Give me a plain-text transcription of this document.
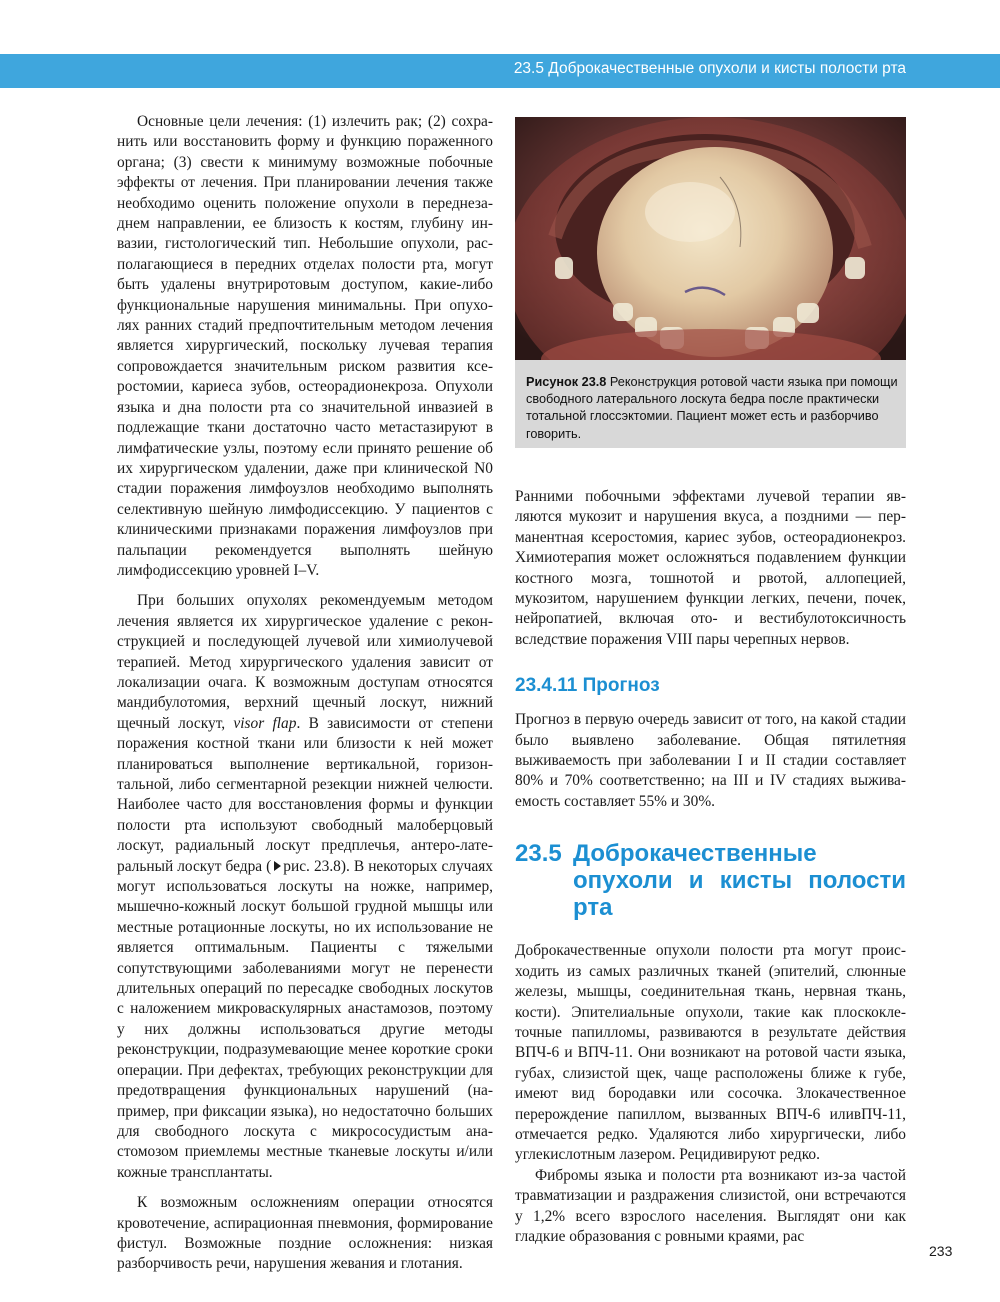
23.5 Доброкачественные опухоли и кисты полости рта

Основные цели лечения: (1) излечить рак; (2) сохранить или восстановить форму и функцию пораженного органа; (3) свести к минимуму возможные побочные эффекты от лечения. При планировании лечения также необходимо оценить положение опухоли в переднезаднем направлении, ее близость к костям, глубину инвазии, гистологический тип. Небольшие опухоли, располагающиеся в передних отделах полости рта, могут быть удалены внутриротовым доступом, какие-либо функциональные нарушения минимальны. При опухолях ранних стадий предпочтительным методом лечения является хирургический, поскольку лучевая терапия сопровождается значительным риском развития ксеростомии, кариеса зубов, остеорадионекроза. Опухоли языка и дна полости рта со значительной инвазией в подлежащие ткани достаточно часто метастазируют в лимфатические узлы, поэтому если принято решение об их хирургическом удалении, даже при клинической N0 стадии поражения лимфоузлов необходимо выполнять селективную шейную лимфодиссекцию. У пациентов с клиническими признаками поражения лимфоузлов при пальпации рекомендуется выполнять шейную лимфодиссекцию уровней I–V.

При больших опухолях рекомендуемым методом лечения является их хирургическое удаление с реконструкцией и последующей лучевой или химиолучевой терапией. Метод хирургического удаления зависит от локализации очага. К возможным доступам относятся мандибулотомия, верхний щечный лоскут, нижний щечный лоскут, visor flap. В зависимости от степени поражения костной ткани или близости к ней может планироваться выполнение вертикальной, горизонтальной, либо сегментарной резекции нижней челюсти. Наиболее часто для восстановления формы и функции полости рта используют свободный малоберцовый лоскут, радиальный лоскут предплечья, антеро-латеральный лоскут бедра ( рис. 23.8). В некоторых случаях могут использоваться лоскуты на ножке, например, мышечно-кожный лоскут большой грудной мышцы или местные ротационные лоскуты, но их использование не является оптимальным. Пациенты с тяжелыми сопутствующими заболеваниями могут не перенести длительных операций по пересадке свободных лоскутов с наложением микроваскулярных анастамозов, поэтому у них должны использоваться другие методы реконструкции, подразумевающие менее короткие сроки операции. При дефектах, требующих реконструкции для предотвращения функциональных нарушений (например, при фиксации языка), но недостаточно больших для свободного лоскута с микрососудистым анастомозом приемлемы местные тканевые лоскуты и/или кожные трансплантаты.

К возможным осложнениям операции относятся кровотечение, аспирационная пневмония, формирование фистул. Возможные поздние осложнения: низкая разборчивость речи, нарушения жевания и глотания.

Рисунок 23.8 Реконструкция ротовой части языка при помощи свободного латерального лоскута бедра после практически тотальной глоссэктомии. Пациент может есть и разборчиво говорить.

Ранними побочными эффектами лучевой терапии являются мукозит и нарушения вкуса, а поздними — перманентная ксеростомия, кариес зубов, остеорадионекроз. Химиотерапия может осложняться подавлением функции костного мозга, тошнотой и рвотой, аллопецией, мукозитом, нарушением функции легких, печени, почек, нейропатией, включая ото- и вестибулотоксичность вследствие поражения VIII пары черепных нервов.

23.4.11 Прогноз

Прогноз в первую очередь зависит от того, на какой стадии было выявлено заболевание. Общая пятилетняя выживаемость при заболевании I и II стадии составляет 80% и 70% соответственно; на III и IV стадиях выживаемость составляет 55% и 30%.

23.5 Доброкачественные опухоли и кисты полости рта

Доброкачественные опухоли полости рта могут происходить из самых различных тканей (эпителий, слюнные железы, мышцы, соединительная ткань, нервная ткань, кости). Эпителиальные опухоли, такие как плоскоклеточные папилломы, развиваются в результате действия ВПЧ-6 и ВПЧ-11. Они возникают на ротовой части языка, губах, слизистой щек, чаще расположены ближе к губе, имеют вид бородавки или сосочка. Злокачественное перерождение папиллом, вызванных ВПЧ-6 иливПЧ-11, отмечается редко. Удаляются либо хирургически, либо углекислотным лазером. Рецидивируют редко.

Фибромы языка и полости рта возникают из-за частой травматизации и раздражения слизистой, они встречаются у 1,2% всего взрослого населения. Выглядят они как гладкие образования с ровными краями, рас

233
